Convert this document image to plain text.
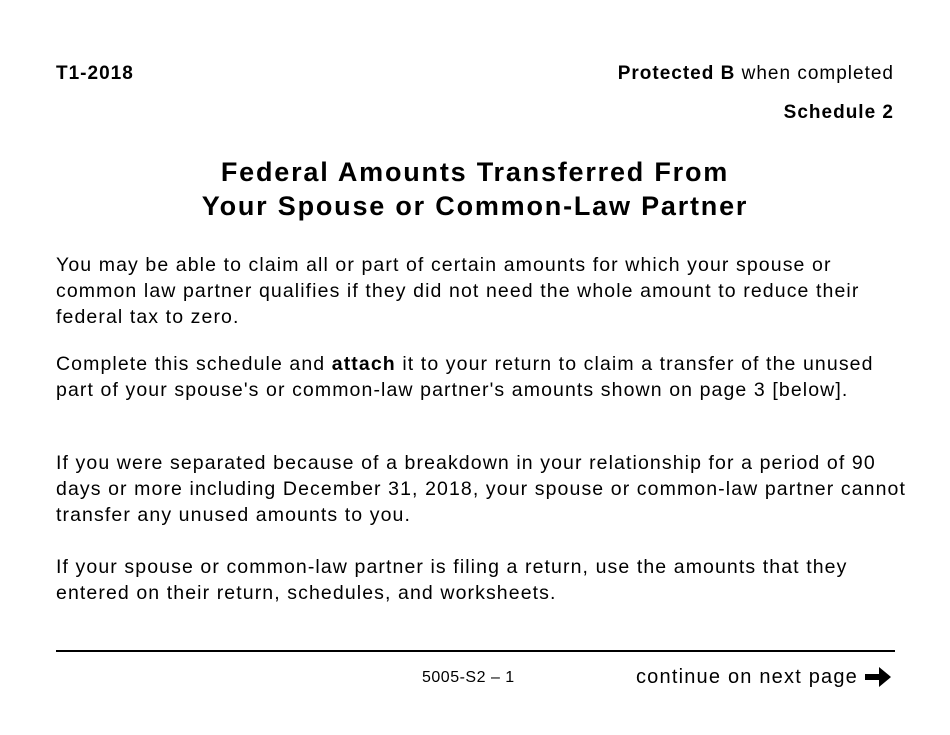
T1-2018	Protected B when completed
Schedule 2
Federal Amounts Transferred From
Your Spouse or Common-Law Partner

You may be able to claim all or part of certain amounts for which your spouse or common law partner qualifies if they did not need the whole amount to reduce their federal tax to zero.

Complete this schedule and attach it to your return to claim a transfer of the unused part of your spouse's or common-law partner's amounts shown on page 3 [below].

If you were separated because of a breakdown in your relationship for a period of 90 days or more including December 31, 2018, your spouse or common-law partner cannot transfer any unused amounts to you.

If your spouse or common-law partner is filing a return, use the amounts that they entered on their return, schedules, and worksheets.

5005-S2 – 1	continue on next page
